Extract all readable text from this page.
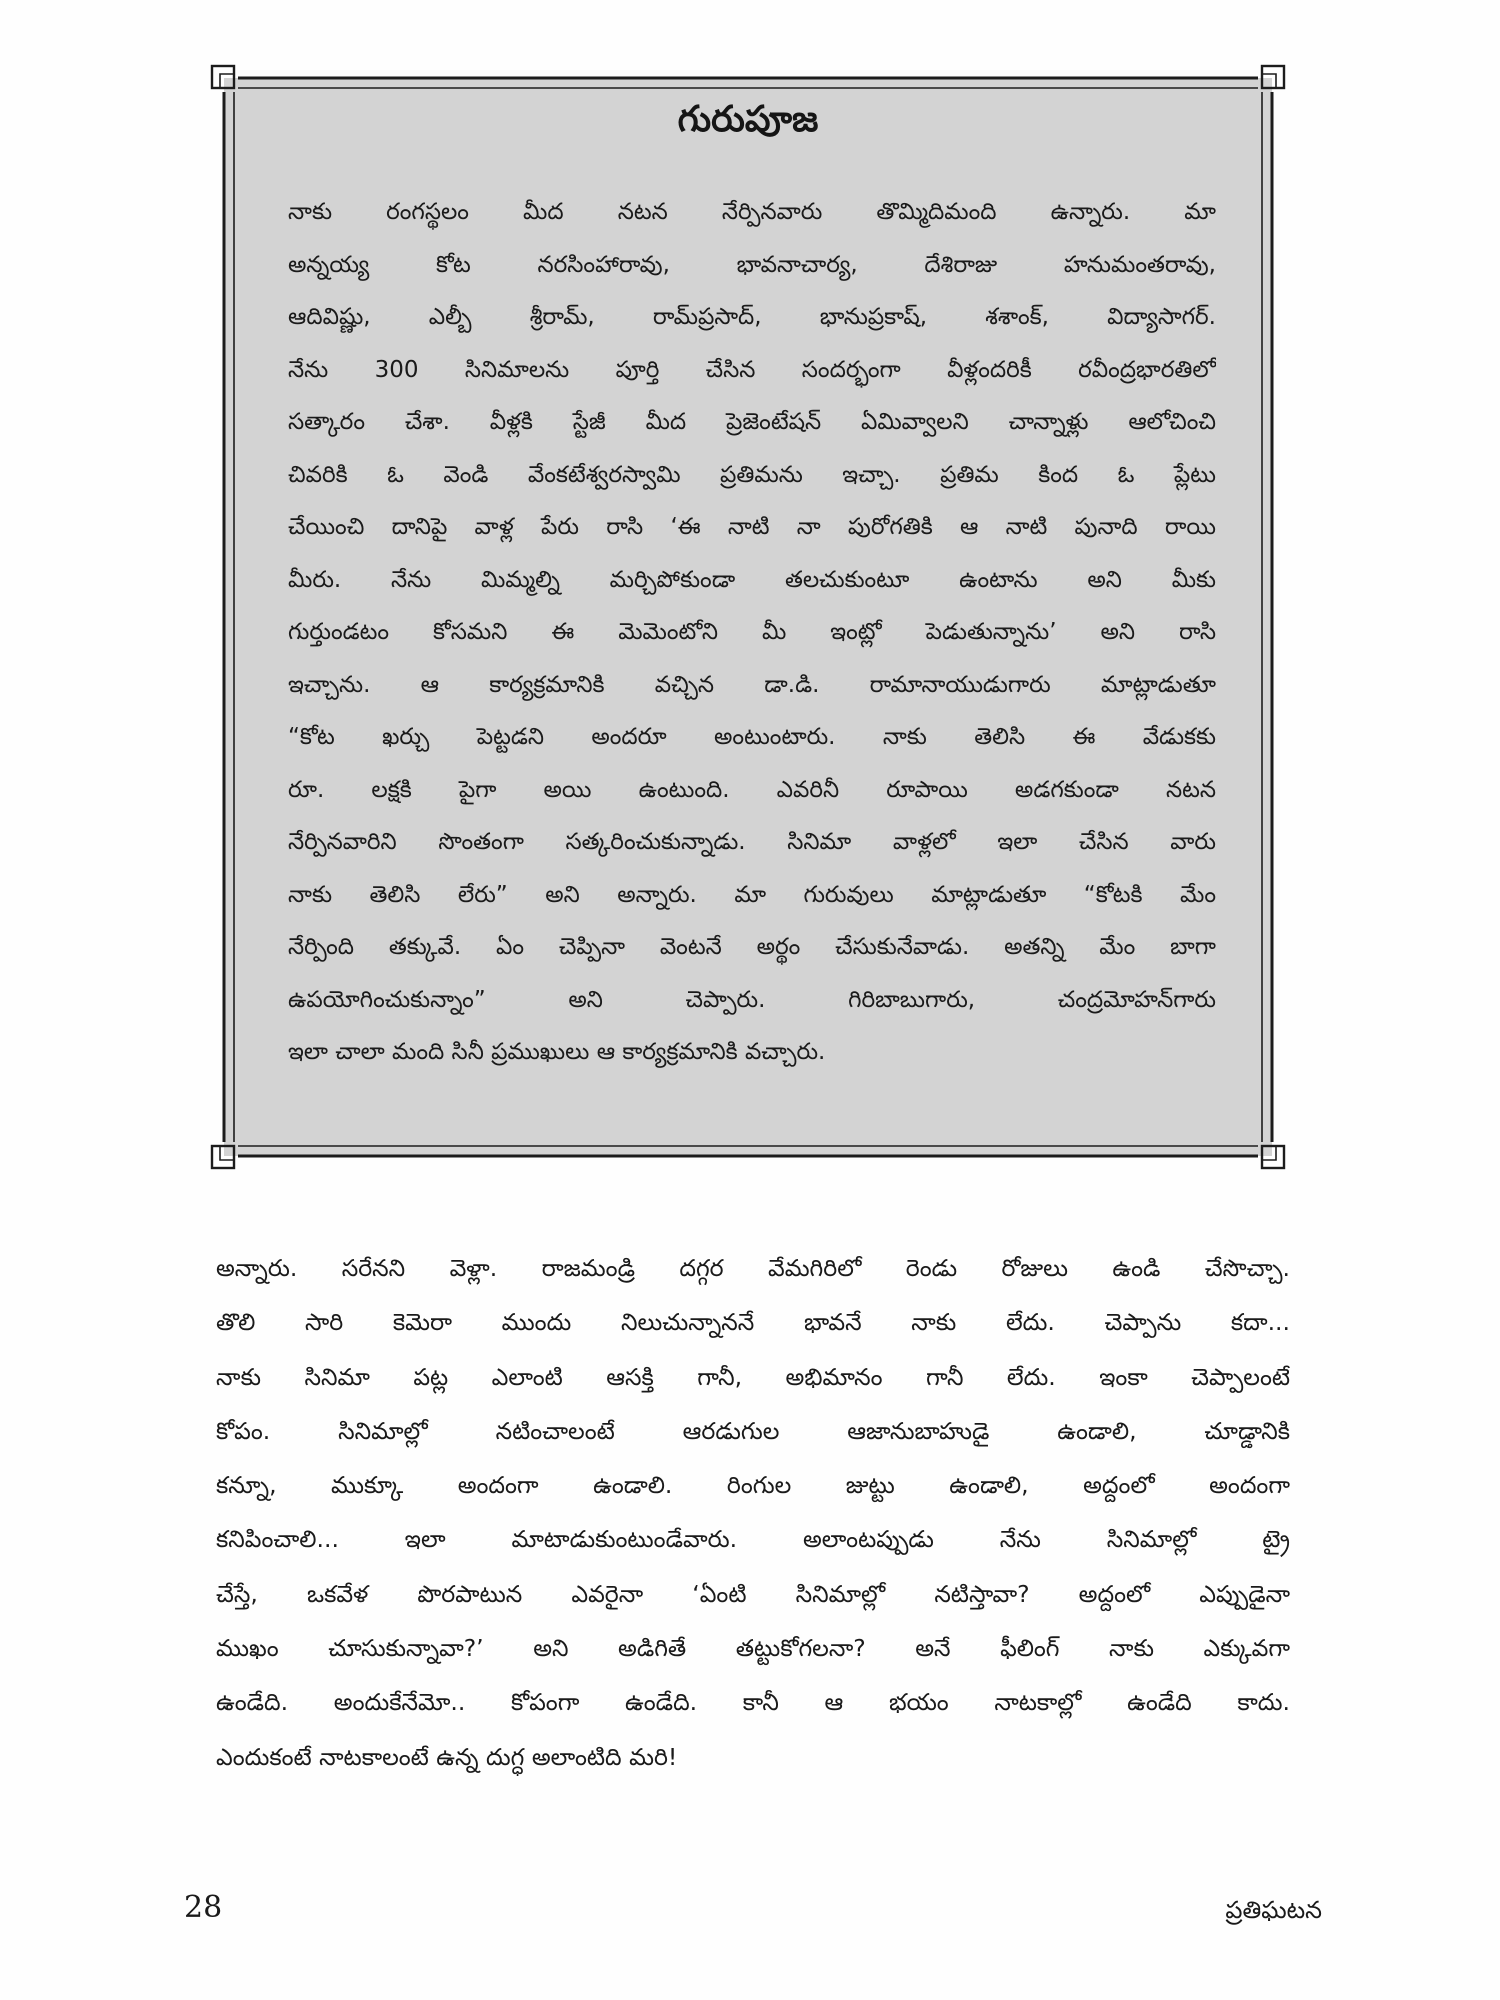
గురుపూజ
నాకు రంగస్థలం మీద నటన నేర్పినవారు తొమ్మిదిమంది ఉన్నారు. మా
అన్నయ్య కోట నరసింహారావు, భావనాచార్య, దేశిరాజు హనుమంతరావు,
ఆదివిష్ణు, ఎల్బీ శ్రీరామ్, రామ్‌ప్రసాద్, భానుప్రకాష్, శశాంక్, విద్యాసాగర్.
నేను 300 సినిమాలను పూర్తి చేసిన సందర్భంగా వీళ్లందరికీ రవీంద్రభారతిలో
సత్కారం చేశా. వీళ్లకి స్టేజీ మీద ప్రెజెంటేషన్ ఏమివ్వాలని చాన్నాళ్లు ఆలోచించి
చివరికి ఓ వెండి వేంకటేశ్వరస్వామి ప్రతిమను ఇచ్చా. ప్రతిమ కింద ఓ ప్లేటు
చేయించి దానిపై వాళ్ల పేరు రాసి ‘ఈ నాటి నా పురోగతికి ఆ నాటి పునాది రాయి
మీరు. నేను మిమ్మల్ని మర్చిపోకుండా తలచుకుంటూ ఉంటాను అని మీకు
గుర్తుండటం కోసమని ఈ మెమెంటోని మీ ఇంట్లో పెడుతున్నాను’ అని రాసి
ఇచ్చాను. ఆ కార్యక్రమానికి వచ్చిన డా.డి. రామానాయుడుగారు మాట్లాడుతూ
“కోట ఖర్చు పెట్టడని అందరూ అంటుంటారు. నాకు తెలిసి ఈ వేడుకకు
రూ. లక్షకి పైగా అయి ఉంటుంది. ఎవరినీ రూపాయి అడగకుండా నటన
నేర్పినవారిని సొంతంగా సత్కరించుకున్నాడు. సినిమా వాళ్లలో ఇలా చేసిన వారు
నాకు తెలిసి లేరు” అని అన్నారు. మా గురువులు మాట్లాడుతూ “కోటకి మేం
నేర్పింది తక్కువే. ఏం చెప్పినా వెంటనే అర్థం చేసుకునేవాడు. అతన్ని మేం బాగా
ఉపయోగించుకున్నాం” అని చెప్పారు. గిరిబాబుగారు, చంద్రమోహన్‌గారు
ఇలా చాలా మంది సినీ ప్రముఖులు ఆ కార్యక్రమానికి వచ్చారు.
అన్నారు. సరేనని వెళ్లా. రాజమండ్రి దగ్గర వేమగిరిలో రెండు రోజులు ఉండి చేసొచ్చా.
తొలి సారి కెమెరా ముందు నిలుచున్నాననే భావనే నాకు లేదు. చెప్పాను కదా...
నాకు సినిమా పట్ల ఎలాంటి ఆసక్తి గానీ, అభిమానం గానీ లేదు. ఇంకా చెప్పాలంటే
కోపం. సినిమాల్లో నటించాలంటే ఆరడుగుల ఆజానుబాహుడై ఉండాలి, చూడ్డానికి
కన్నూ, ముక్కూ అందంగా ఉండాలి. రింగుల జుట్టు ఉండాలి, అద్దంలో అందంగా
కనిపించాలి... ఇలా మాటాడుకుంటుండేవారు. అలాంటప్పుడు నేను సినిమాల్లో ట్రై
చేస్తే, ఒకవేళ పొరపాటున ఎవరైనా ‘ఏంటి సినిమాల్లో నటిస్తావా? అద్దంలో ఎప్పుడైనా
ముఖం చూసుకున్నావా?’ అని అడిగితే తట్టుకోగలనా? అనే ఫీలింగ్ నాకు ఎక్కువగా
ఉండేది. అందుకేనేమో.. కోపంగా ఉండేది. కానీ ఆ భయం నాటకాల్లో ఉండేది కాదు.
ఎందుకంటే నాటకాలంటే ఉన్న దుగ్ధ అలాంటిది మరి!
28	ప్రతిఘటన
